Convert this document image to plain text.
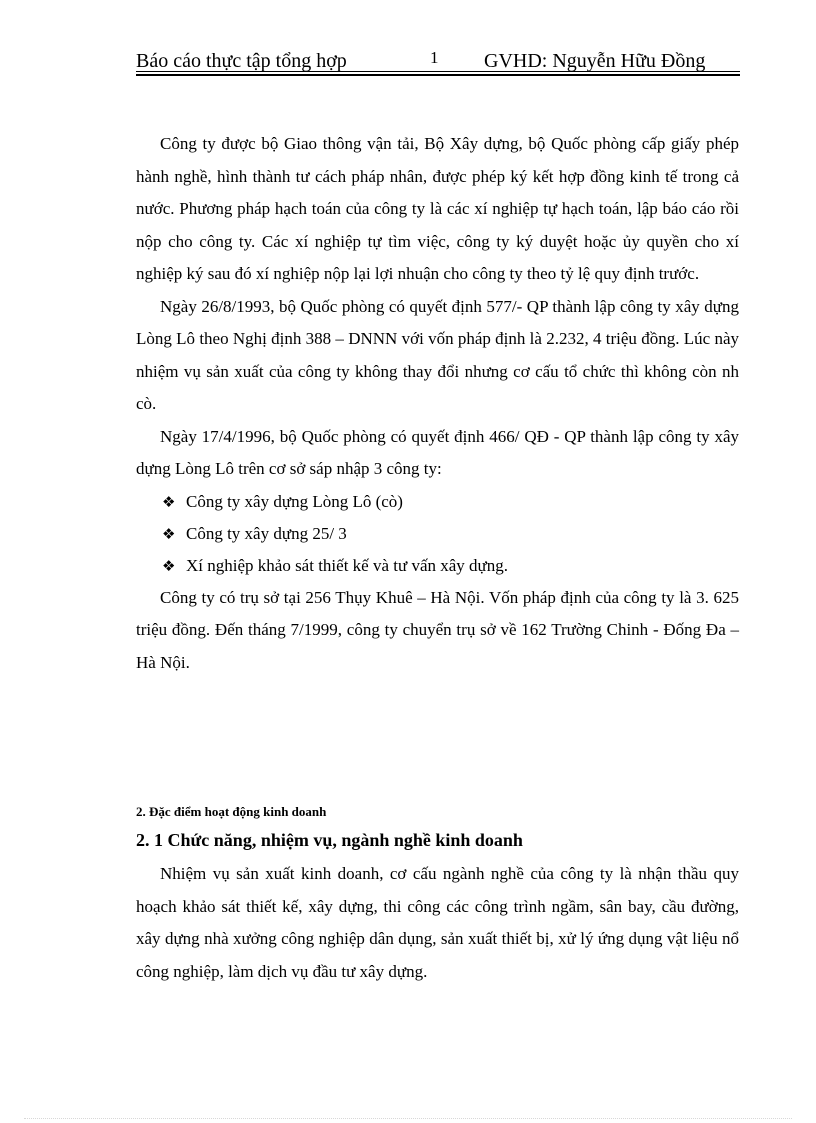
Báo cáo thực tập tổng hợp	1 GVHD: Nguyễn Hữu Đồng

Công ty được bộ Giao thông vận tải, Bộ Xây dựng, bộ Quốc phòng cấp giấy phép hành nghề, hình thành tư cách pháp nhân, được phép ký kết hợp đồng kinh tế trong cả nước. Phương pháp hạch toán của công ty là các xí nghiệp tự hạch toán, lập báo cáo rồi nộp cho công ty. Các xí nghiệp tự tìm việc, công ty ký duyệt hoặc ủy quyền cho xí nghiệp ký sau đó xí nghiệp nộp lại lợi nhuận cho công ty theo tỷ lệ quy định trước.

Ngày 26/8/1993, bộ Quốc phòng có quyết định 577/- QP thành lập công ty xây dựng Lòng Lô theo Nghị định 388 – DNNN với vốn pháp định là 2.232, 4 triệu đồng. Lúc này nhiệm vụ sản xuất của công ty không thay đổi nhưng cơ cấu tổ chức thì không còn nh cò.

Ngày 17/4/1996, bộ Quốc phòng có quyết định 466/ QĐ - QP thành lập công ty xây dựng Lòng Lô trên cơ sở sáp nhập 3 công ty:

❖ Công ty xây dựng Lòng Lô (cò)
❖ Công ty xây dựng 25/ 3
❖ Xí nghiệp khảo sát thiết kế và tư vấn xây dựng.

Công ty có trụ sở tại 256 Thụy Khuê – Hà Nội. Vốn pháp định của công ty là 3. 625 triệu đồng. Đến tháng 7/1999, công ty chuyển trụ sở về 162 Trường Chinh - Đống Đa – Hà Nội.

2. Đặc điểm hoạt động kinh doanh
2. 1 Chức năng, nhiệm vụ, ngành nghề kinh doanh

Nhiệm vụ sản xuất kinh doanh, cơ cấu ngành nghề của công ty là nhận thầu quy hoạch khảo sát thiết kế, xây dựng, thi công các công trình ngầm, sân bay, cầu đường, xây dựng nhà xưởng công nghiệp dân dụng, sản xuất thiết bị, xử lý ứng dụng vật liệu nổ công nghiệp, làm dịch vụ đầu tư xây dựng.
